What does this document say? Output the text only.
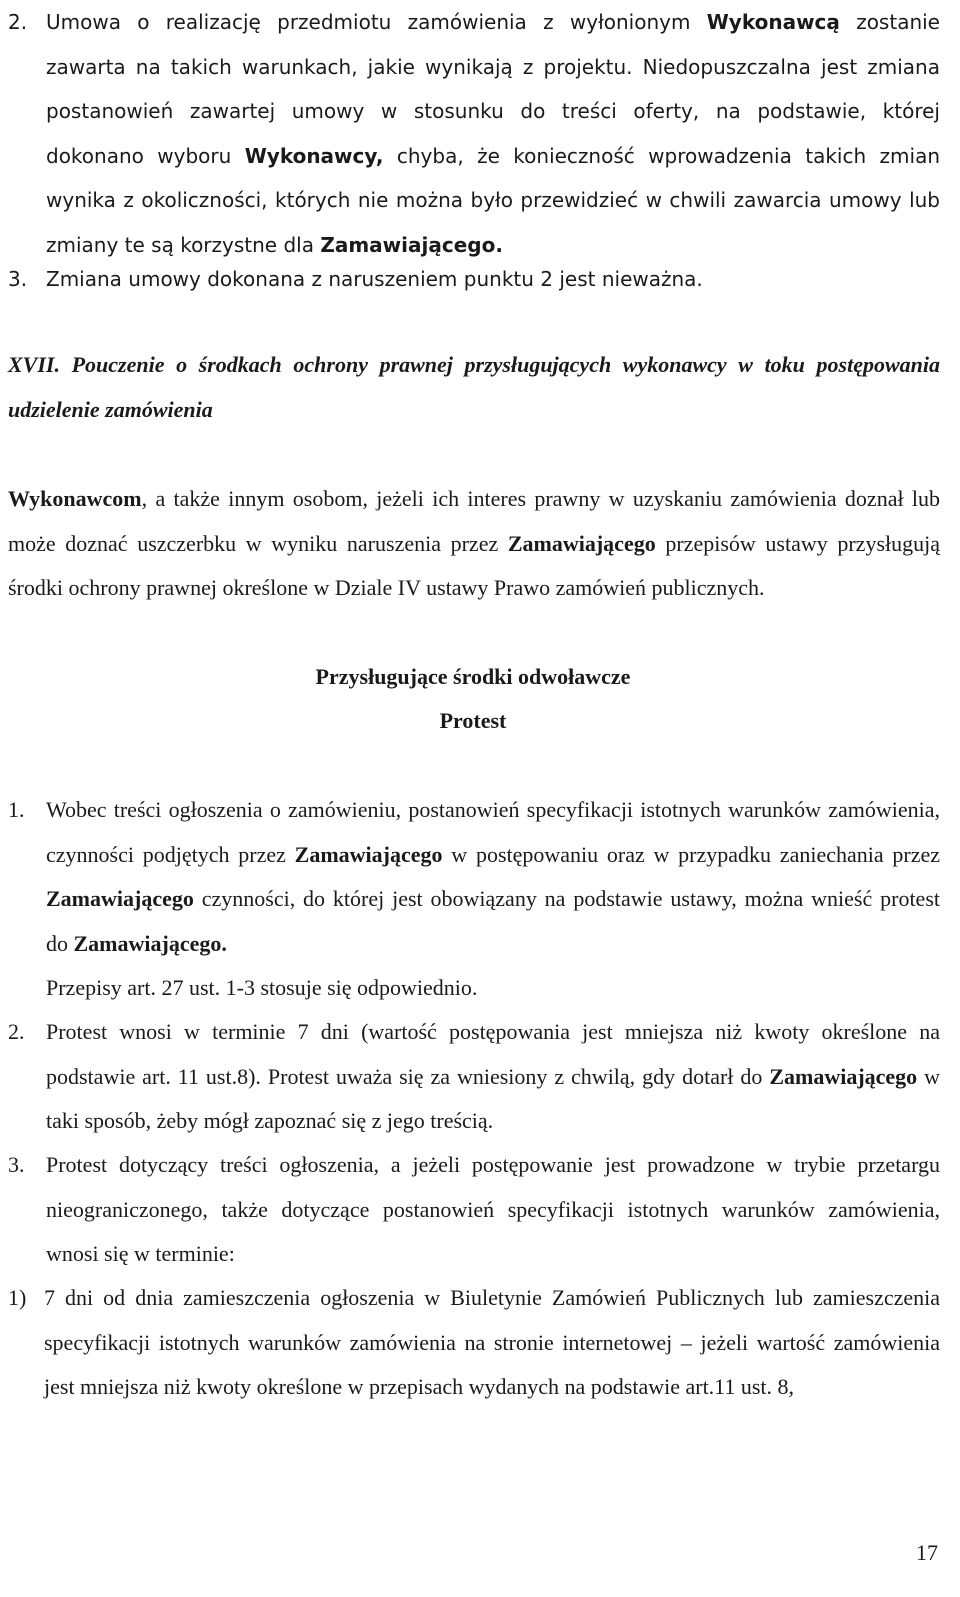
2. Umowa o realizację przedmiotu zamówienia z wyłonionym Wykonawcą zostanie zawarta na takich warunkach, jakie wynikają z projektu. Niedopuszczalna jest zmiana postanowień zawartej umowy w stosunku do treści oferty, na podstawie, której dokonano wyboru Wykonawcy, chyba, że konieczność wprowadzenia takich zmian wynika z okoliczności, których nie można było przewidzieć w chwili zawarcia umowy lub zmiany te są korzystne dla Zamawiającego.
3. Zmiana umowy dokonana z naruszeniem punktu 2 jest nieważna.
XVII. Pouczenie o środkach ochrony prawnej przysługujących wykonawcy w toku postępowania udzielenie zamówienia
Wykonawcom, a także innym osobom, jeżeli ich interes prawny w uzyskaniu zamówienia doznał lub może doznać uszczerbku w wyniku naruszenia przez Zamawiającego przepisów ustawy przysługują środki ochrony prawnej określone w Dziale IV ustawy Prawo zamówień publicznych.
Przysługujące środki odwoławcze
Protest
1. Wobec treści ogłoszenia o zamówieniu, postanowień specyfikacji istotnych warunków zamówienia, czynności podjętych przez Zamawiającego w postępowaniu oraz w przypadku zaniechania przez Zamawiającego czynności, do której jest obowiązany na podstawie ustawy, można wnieść protest do Zamawiającego.
Przepisy art. 27 ust. 1-3 stosuje się odpowiednio.
2. Protest wnosi w terminie 7 dni (wartość postępowania jest mniejsza niż kwoty określone na podstawie art. 11 ust.8). Protest uważa się za wniesiony z chwilą, gdy dotarł do Zamawiającego w taki sposób, żeby mógł zapoznać się z jego treścią.
3. Protest dotyczący treści ogłoszenia, a jeżeli postępowanie jest prowadzone w trybie przetargu nieograniczonego, także dotyczące postanowień specyfikacji istotnych warunków zamówienia, wnosi się w terminie:
1) 7 dni od dnia zamieszczenia ogłoszenia w Biuletynie Zamówień Publicznych lub zamieszczenia specyfikacji istotnych warunków zamówienia na stronie internetowej – jeżeli wartość zamówienia jest mniejsza niż kwoty określone w przepisach wydanych na podstawie art.11 ust. 8,
17
